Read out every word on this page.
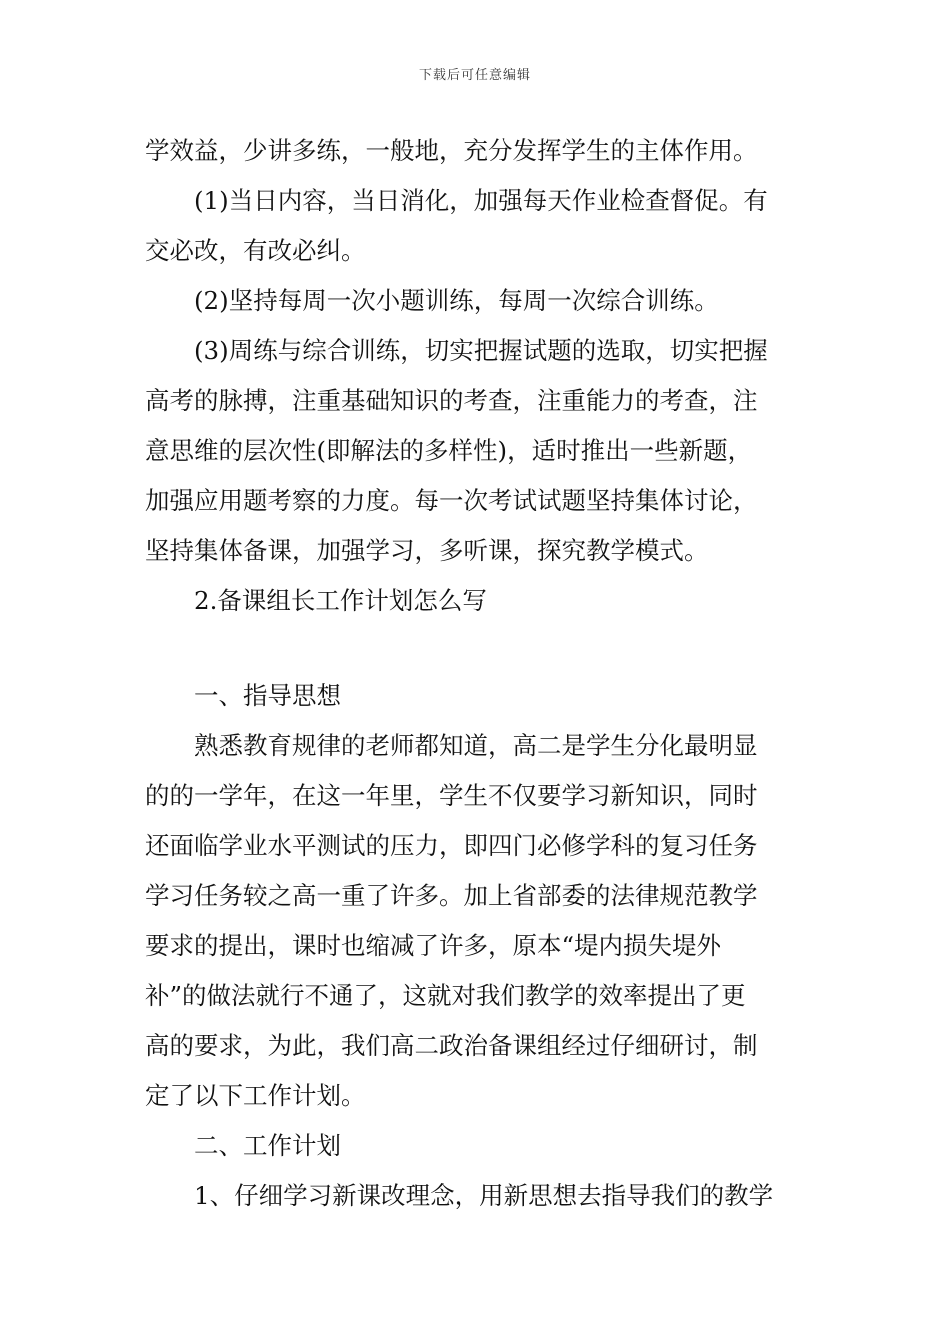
下载后可任意编辑
学效益，少讲多练，一般地，充分发挥学生的主体作用。
(1)当日内容，当日消化，加强每天作业检查督促。有
交必改，有改必纠。
(2)坚持每周一次小题训练，每周一次综合训练。
(3)周练与综合训练，切实把握试题的选取，切实把握
高考的脉搏，注重基础知识的考查，注重能力的考查，注
意思维的层次性(即解法的多样性)，适时推出一些新题，
加强应用题考察的力度。每一次考试试题坚持集体讨论，
坚持集体备课，加强学习，多听课，探究教学模式。
2.备课组长工作计划怎么写
一、指导思想
熟悉教育规律的老师都知道，高二是学生分化最明显
的的一学年，在这一年里，学生不仅要学习新知识，同时
还面临学业水平测试的压力，即四门必修学科的复习任务
学习任务较之高一重了许多。加上省部委的法律规范教学
要求的提出，课时也缩减了许多，原本“堤内损失堤外
补”的做法就行不通了，这就对我们教学的效率提出了更
高的要求，为此，我们高二政治备课组经过仔细研讨，制
定了以下工作计划。
二、工作计划
1、仔细学习新课改理念，用新思想去指导我们的教学
